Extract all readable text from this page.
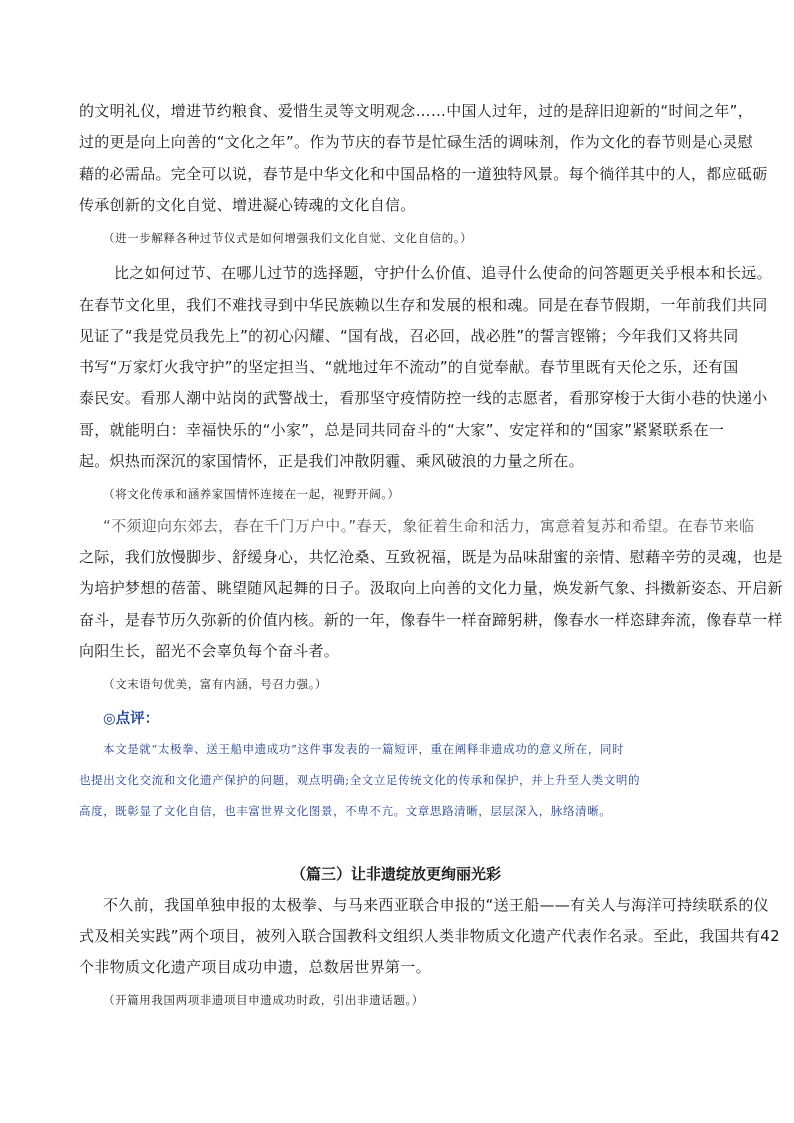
的文明礼仪，增进节约粮食、爱惜生灵等文明观念……中国人过年，过的是辞旧迎新的“时间之年”，
过的更是向上向善的“文化之年”。作为节庆的春节是忙碌生活的调味剂，作为文化的春节则是心灵慰
藉的必需品。完全可以说，春节是中华文化和中国品格的一道独特风景。每个徜徉其中的人，都应砥砺
传承创新的文化自觉、增进凝心铸魂的文化自信。
（进一步解释各种过节仪式是如何增强我们文化自觉、文化自信的。）
比之如何过节、在哪儿过节的选择题，守护什么价值、追寻什么使命的问答题更关乎根本和长远。
在春节文化里，我们不难找寻到中华民族赖以生存和发展的根和魂。同是在春节假期，一年前我们共同
见证了“我是党员我先上”的初心闪耀、“国有战，召必回，战必胜”的誓言铿锵；今年我们又将共同
书写“万家灯火我守护”的坚定担当、“就地过年不流动”的自觉奉献。春节里既有天伦之乐，还有国
泰民安。看那人潮中站岗的武警战士，看那坚守疫情防控一线的志愿者，看那穿梭于大街小巷的快递小
哥，就能明白：幸福快乐的“小家”，总是同共同奋斗的“大家”、安定祥和的“国家”紧紧联系在一
起。炽热而深沉的家国情怀，正是我们冲散阴霾、乘风破浪的力量之所在。
（将文化传承和涵养家国情怀连接在一起，视野开阔。）
“不须迎向东郊去，春在千门万户中。”春天，象征着生命和活力，寓意着复苏和希望。在春节来临
之际，我们放慢脚步、舒缓身心，共忆沧桑、互致祝福，既是为品味甜蜜的亲情、慰藉辛劳的灵魂，也是
为培护梦想的蓓蕾、眺望随风起舞的日子。汲取向上向善的文化力量，焕发新气象、抖擞新姿态、开启新
奋斗，是春节历久弥新的价值内核。新的一年，像春牛一样奋蹄躬耕，像春水一样恣肆奔流，像春草一样
向阳生长，韶光不会辜负每个奋斗者。
（文末语句优美，富有内涵，号召力强。）
◎点评：
本文是就“太极拳、送王船申遗成功”这件事发表的一篇短评，重在阐释非遗成功的意义所在，同时
也提出文化交流和文化遗产保护的问题，观点明确;全文立足传统文化的传承和保护，并上升至人类文明的
高度，既彰显了文化自信，也丰富世界文化图景，不卑不亢。文章思路清晰，层层深入，脉络清晰。
（篇三）让非遗绽放更绚丽光彩
不久前，我国单独申报的太极拳、与马来西亚联合申报的“送王船——有关人与海洋可持续联系的仪
式及相关实践”两个项目，被列入联合国教科文组织人类非物质文化遗产代表作名录。至此，我国共有42
个非物质文化遗产项目成功申遗，总数居世界第一。
（开篇用我国两项非遗项目申遗成功时政，引出非遗话题。）
